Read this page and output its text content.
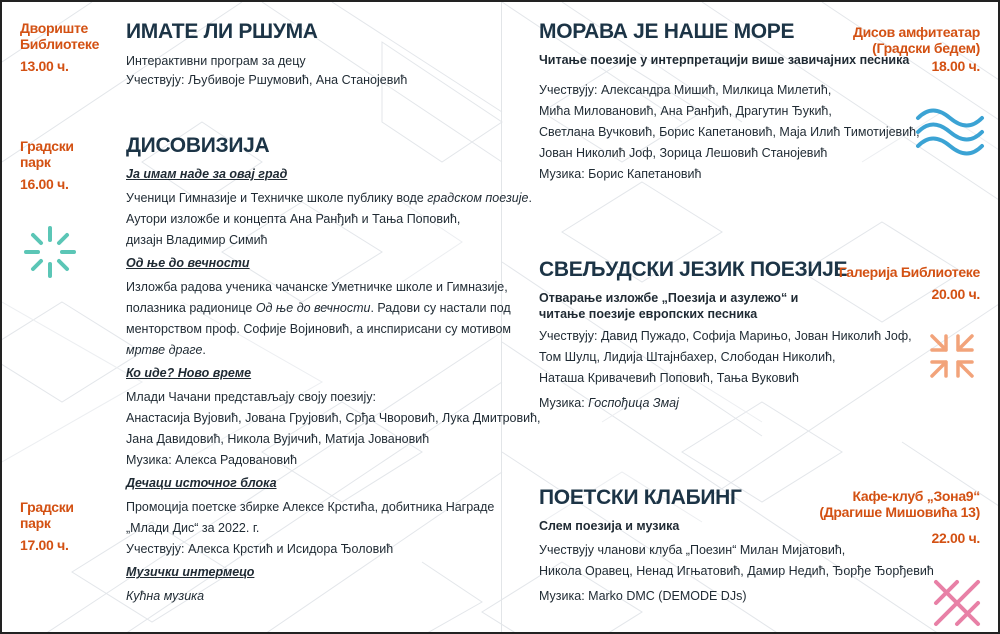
Двориште
Библиотеке
13.00 ч.
Градски
парк
16.00 ч.
Градски
парк
17.00 ч.
ИМАТЕ ЛИ РШУМА
Интерактивни програм за децу
Учествују: Љубивоје Ршумовић, Ана Станојевић
ДИСОВИЗИЈА
Ја имам наде за овај град
Ученици Гимназије и Техничке школе публику воде градском поезије.
Аутори изложбе и концепта Ана Ранђић и Тања Поповић,
дизајн Владимир Симић
Од ње до вечности
Изложба радова ученика чачанске Уметничке школе и Гимназије,
полазника радионице Од ње до вечности. Радови су настали под
менторством проф. Софије Војиновић, а инспирисани су мотивом
мртве драге.
Ко иде? Ново време
Млади Чачани представљају своју поезију:
Анастасија Вујовић, Јована Грујовић, Срђа Чворовић, Лука Дмитровић,
Јана Давидовић, Никола Вујичић, Матија Јовановић
Музика: Алекса Радовановић
Дечаци источног блока
Промоција поетске збирке Алексе Крстића, добитника Награде
„Млади Дис“ за 2022. г.
Учествују: Алекса Крстић и Исидора Ђоловић
Музички интермецо
Кућна музика
МОРАВА ЈЕ НАШЕ МОРЕ
Читање поезије у интерпретацији више завичајних песника
Учествују: Александра Мишић, Милкица Милетић,
Мића Миловановић, Ана Ранђић, Драгутин Ђукић,
Светлана Вучковић, Борис Капетановић, Маја Илић Тимотијевић,
Јован Николић Јоф, Зорица Лешовић Станојевић
Музика: Борис Капетановић
СВЕЉУДСКИ ЈЕЗИК ПОЕЗИЈЕ
Отварање изложбе „Поезија и азулежо“ и
читање поезије европских песника
Учествују: Давид Пужадо, Софија Марињо, Јован Николић Јоф,
Том Шулц, Лидија Штајнбахер, Слободан Николић,
Наташа Кривачевић Поповић, Тања Вуковић
Музика: Госпођица Змај
ПОЕТСКИ КЛАБИНГ
Слем поезија и музика
Учествују чланови клуба „Поезин“ Милан Мијатовић,
Никола Оравец, Ненад Игњатовић, Дамир Недић, Ђорђе Ђорђевић
Музика: Marko DMC (DEMODE DJs)
Дисов амфитеатар
(Градски бедем)
18.00 ч.
Галерија Библиотеке
20.00 ч.
Кафе-клуб „Зона9“
(Драгише Мишовића 13)
22.00 ч.
